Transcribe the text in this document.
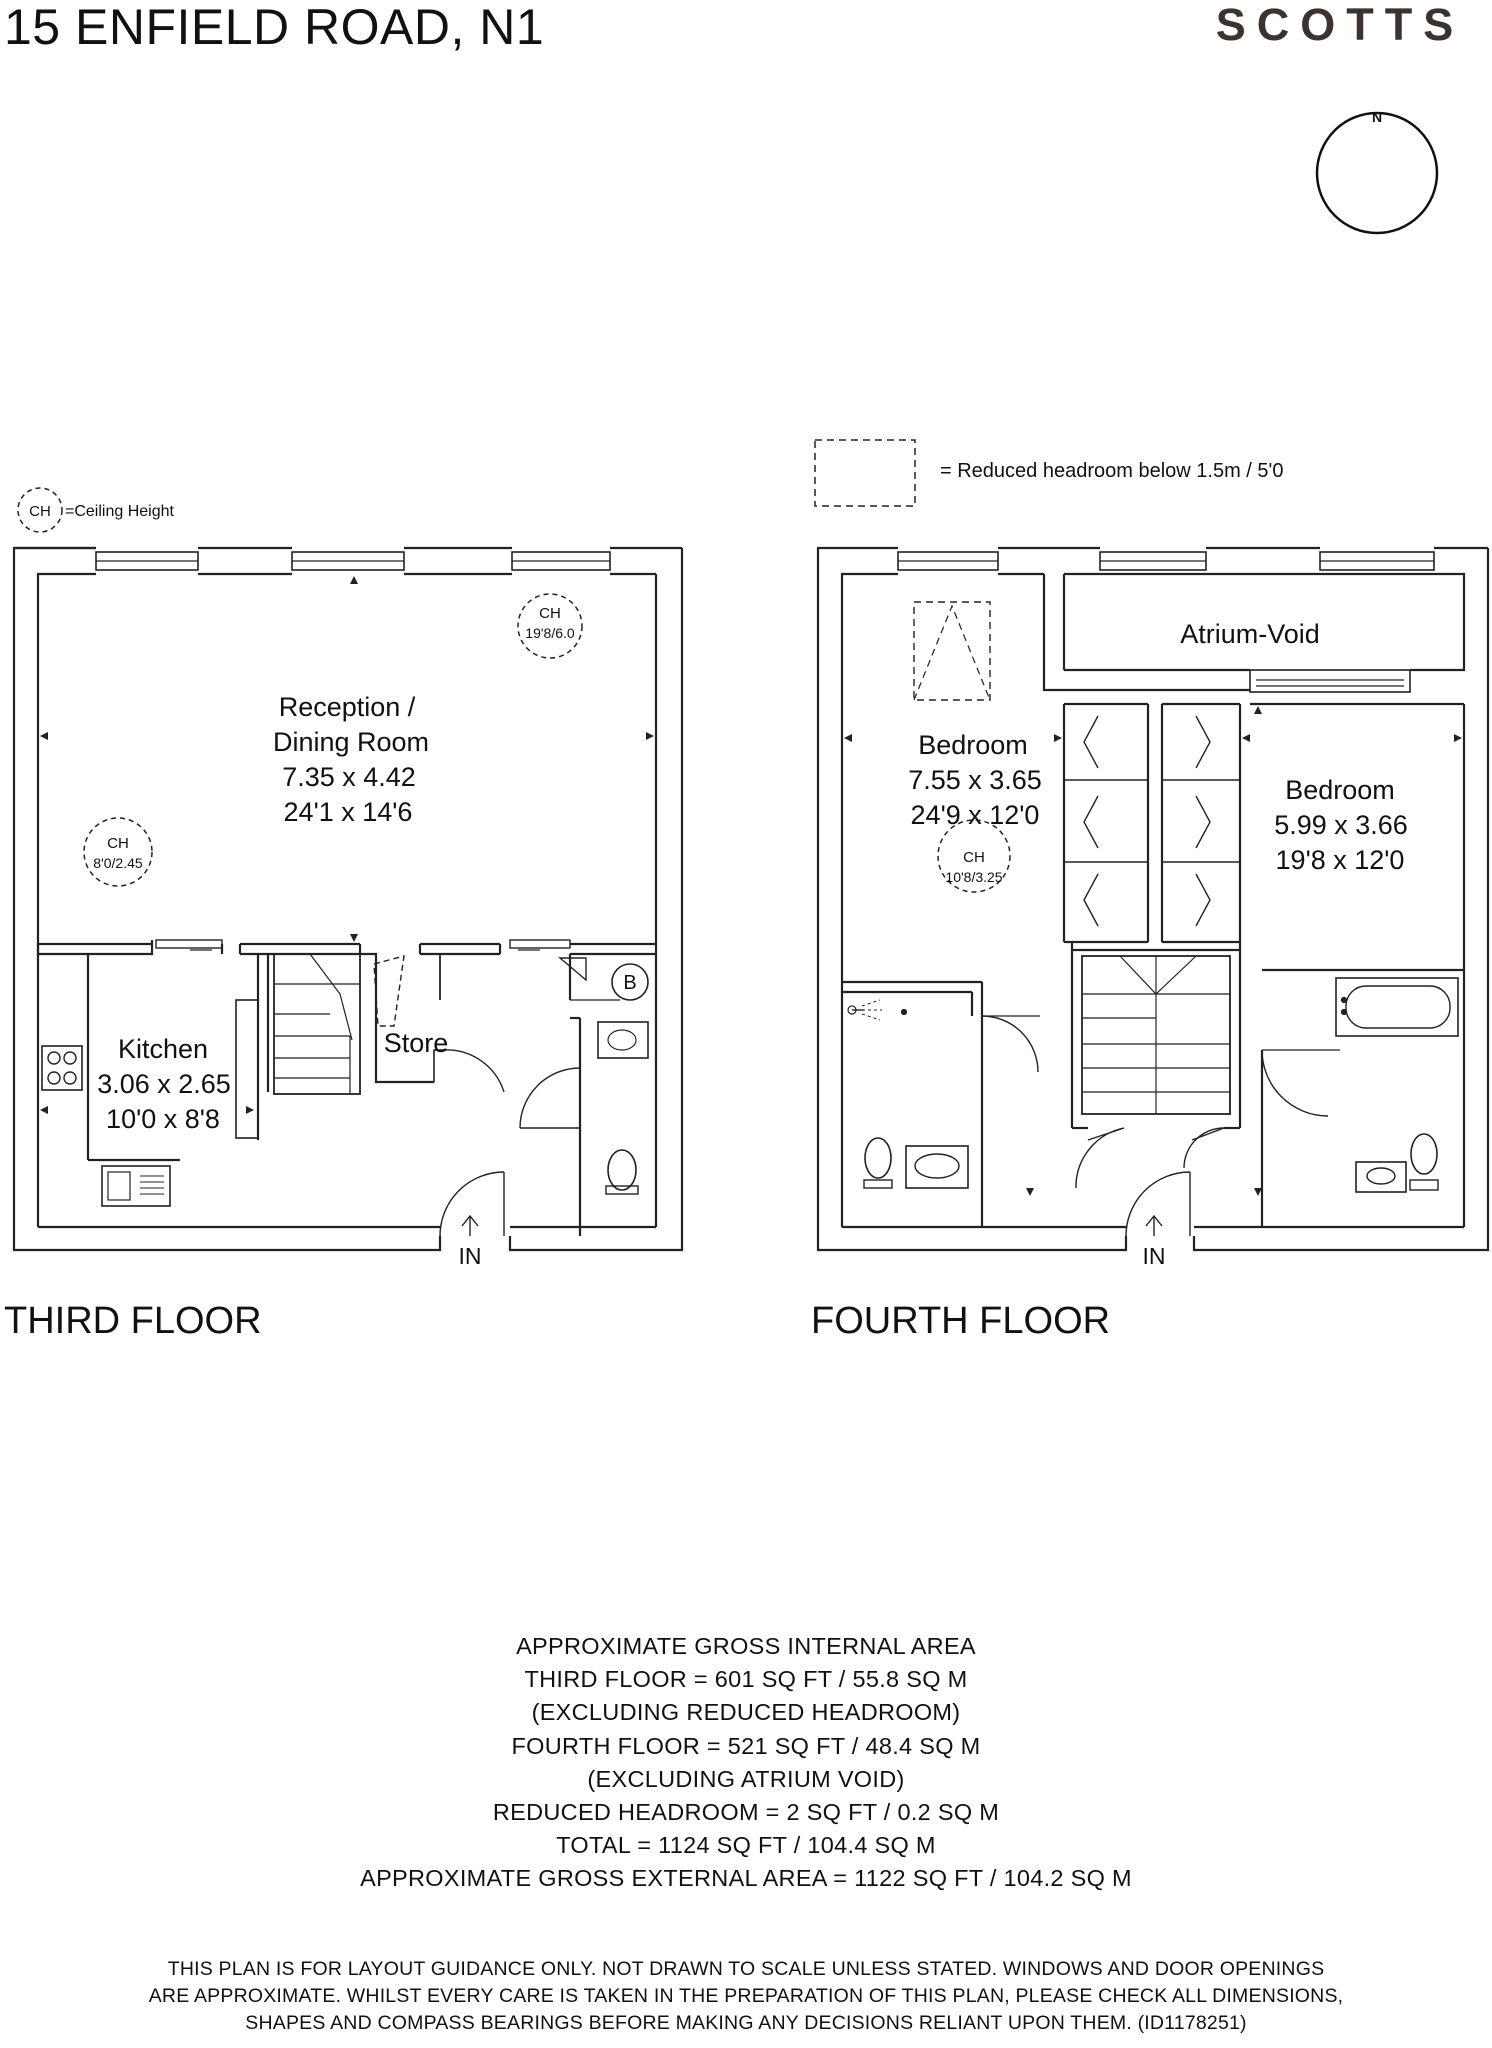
15 ENFIELD ROAD, N1	SCOTTS
N
CH =Ceiling Height
= Reduced headroom below 1.5m / 5'0
B
Reception /
Dining Room
7.35 x 4.42
24'1 x 14'6
Kitchen
3.06 x 2.65
10'0 x 8'8
Store
IN
CH
19'8/6.0
CH
8'0/2.45
Atrium-Void
Bedroom
7.55 x 3.65
24'9 x 12'0
Bedroom
5.99 x 3.66
19'8 x 12'0
IN
CH
10'8/3.25
THIRD FLOOR	FOURTH FLOOR
APPROXIMATE GROSS INTERNAL AREA
THIRD FLOOR = 601 SQ FT / 55.8 SQ M
(EXCLUDING REDUCED HEADROOM)
FOURTH FLOOR = 521 SQ FT / 48.4 SQ M
(EXCLUDING ATRIUM VOID)
REDUCED HEADROOM = 2 SQ FT / 0.2 SQ M
TOTAL = 1124 SQ FT / 104.4 SQ M
APPROXIMATE GROSS EXTERNAL AREA = 1122 SQ FT / 104.2 SQ M
THIS PLAN IS FOR LAYOUT GUIDANCE ONLY. NOT DRAWN TO SCALE UNLESS STATED. WINDOWS AND DOOR OPENINGS
ARE APPROXIMATE. WHILST EVERY CARE IS TAKEN IN THE PREPARATION OF THIS PLAN, PLEASE CHECK ALL DIMENSIONS,
SHAPES AND COMPASS BEARINGS BEFORE MAKING ANY DECISIONS RELIANT UPON THEM. (ID1178251)
